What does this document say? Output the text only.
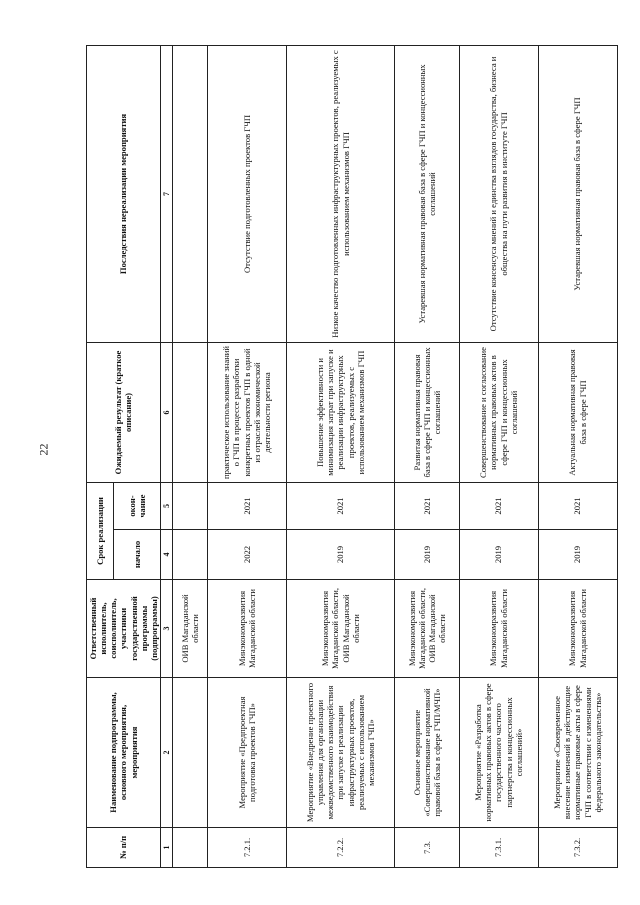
22
№ п/п	Наименование подпрограммы, основного мероприятия, мероприятия	Ответственный исполнитель, соисполнитель, участники государственной программы (подпрограммы)	Срок реализации		Ожидаемый результат (краткое описание)	Последствия нереализации мероприятия
			начало	окон-чание		
1	2	3	4	5	6	7
		ОИВ Магаданской области				
7.2.1.	Мероприятие «Предпроектная подготовка проектов ГЧП»	Минэкономразвития Магаданской области	2022	2021	практическое использование знаний о ГЧП в процессе разработки конкретных проектов ГЧП в одной из отраслей экономической деятельности региона	Отсутствие подготовленных проектов ГЧП
7.2.2.	Мероприятие «Внедрение проектного управления для организации межведомственного взаимодействия при запуске и реализации инфраструктурных проектов, реализуемых с использованием механизмов ГЧП»	Минэкономразвития Магаданской области, ОИВ Магаданской области	2019	2021	Повышение эффективности и минимизация затрат при запуске и реализации инфраструктурных проектов, реализуемых с использованием механизмов ГЧП	Низкое качество подготовленных инфраструктурных проектов, реализуемых с использованием механизмов ГЧП
7.3.	Основное мероприятие «Совершенствование нормативной правовой базы в сфере ГЧП/МЧП»	Минэкономразвития Магаданской области, ОИВ Магаданской области	2019	2021	Развитая нормативная правовая база в сфере ГЧП и концессионных соглашений	Устаревшая нормативная правовая база в сфере ГЧП и концессионных соглашений
7.3.1.	Мероприятие «Разработка нормативных правовых актов в сфере государственного частного партнерства и концессионных соглашений»	Минэкономразвития Магаданской области	2019	2021	Совершенствование и согласование нормативных правовых актов в сфере ГЧП и концессионных соглашений	Отсутствие консенсуса мнений и единства взглядов государства, бизнеса и общества на пути развития в институте ГЧП
7.3.2.	Мероприятие «Своевременное внесение изменений в действующие нормативные правовые акты в сфере ГЧП в соответствии с изменениями федерального законодательства»	Минэкономразвития Магаданской области	2019	2021	Актуальная нормативная правовая база в сфере ГЧП	Устаревшая нормативная правовая база в сфере ГЧП
